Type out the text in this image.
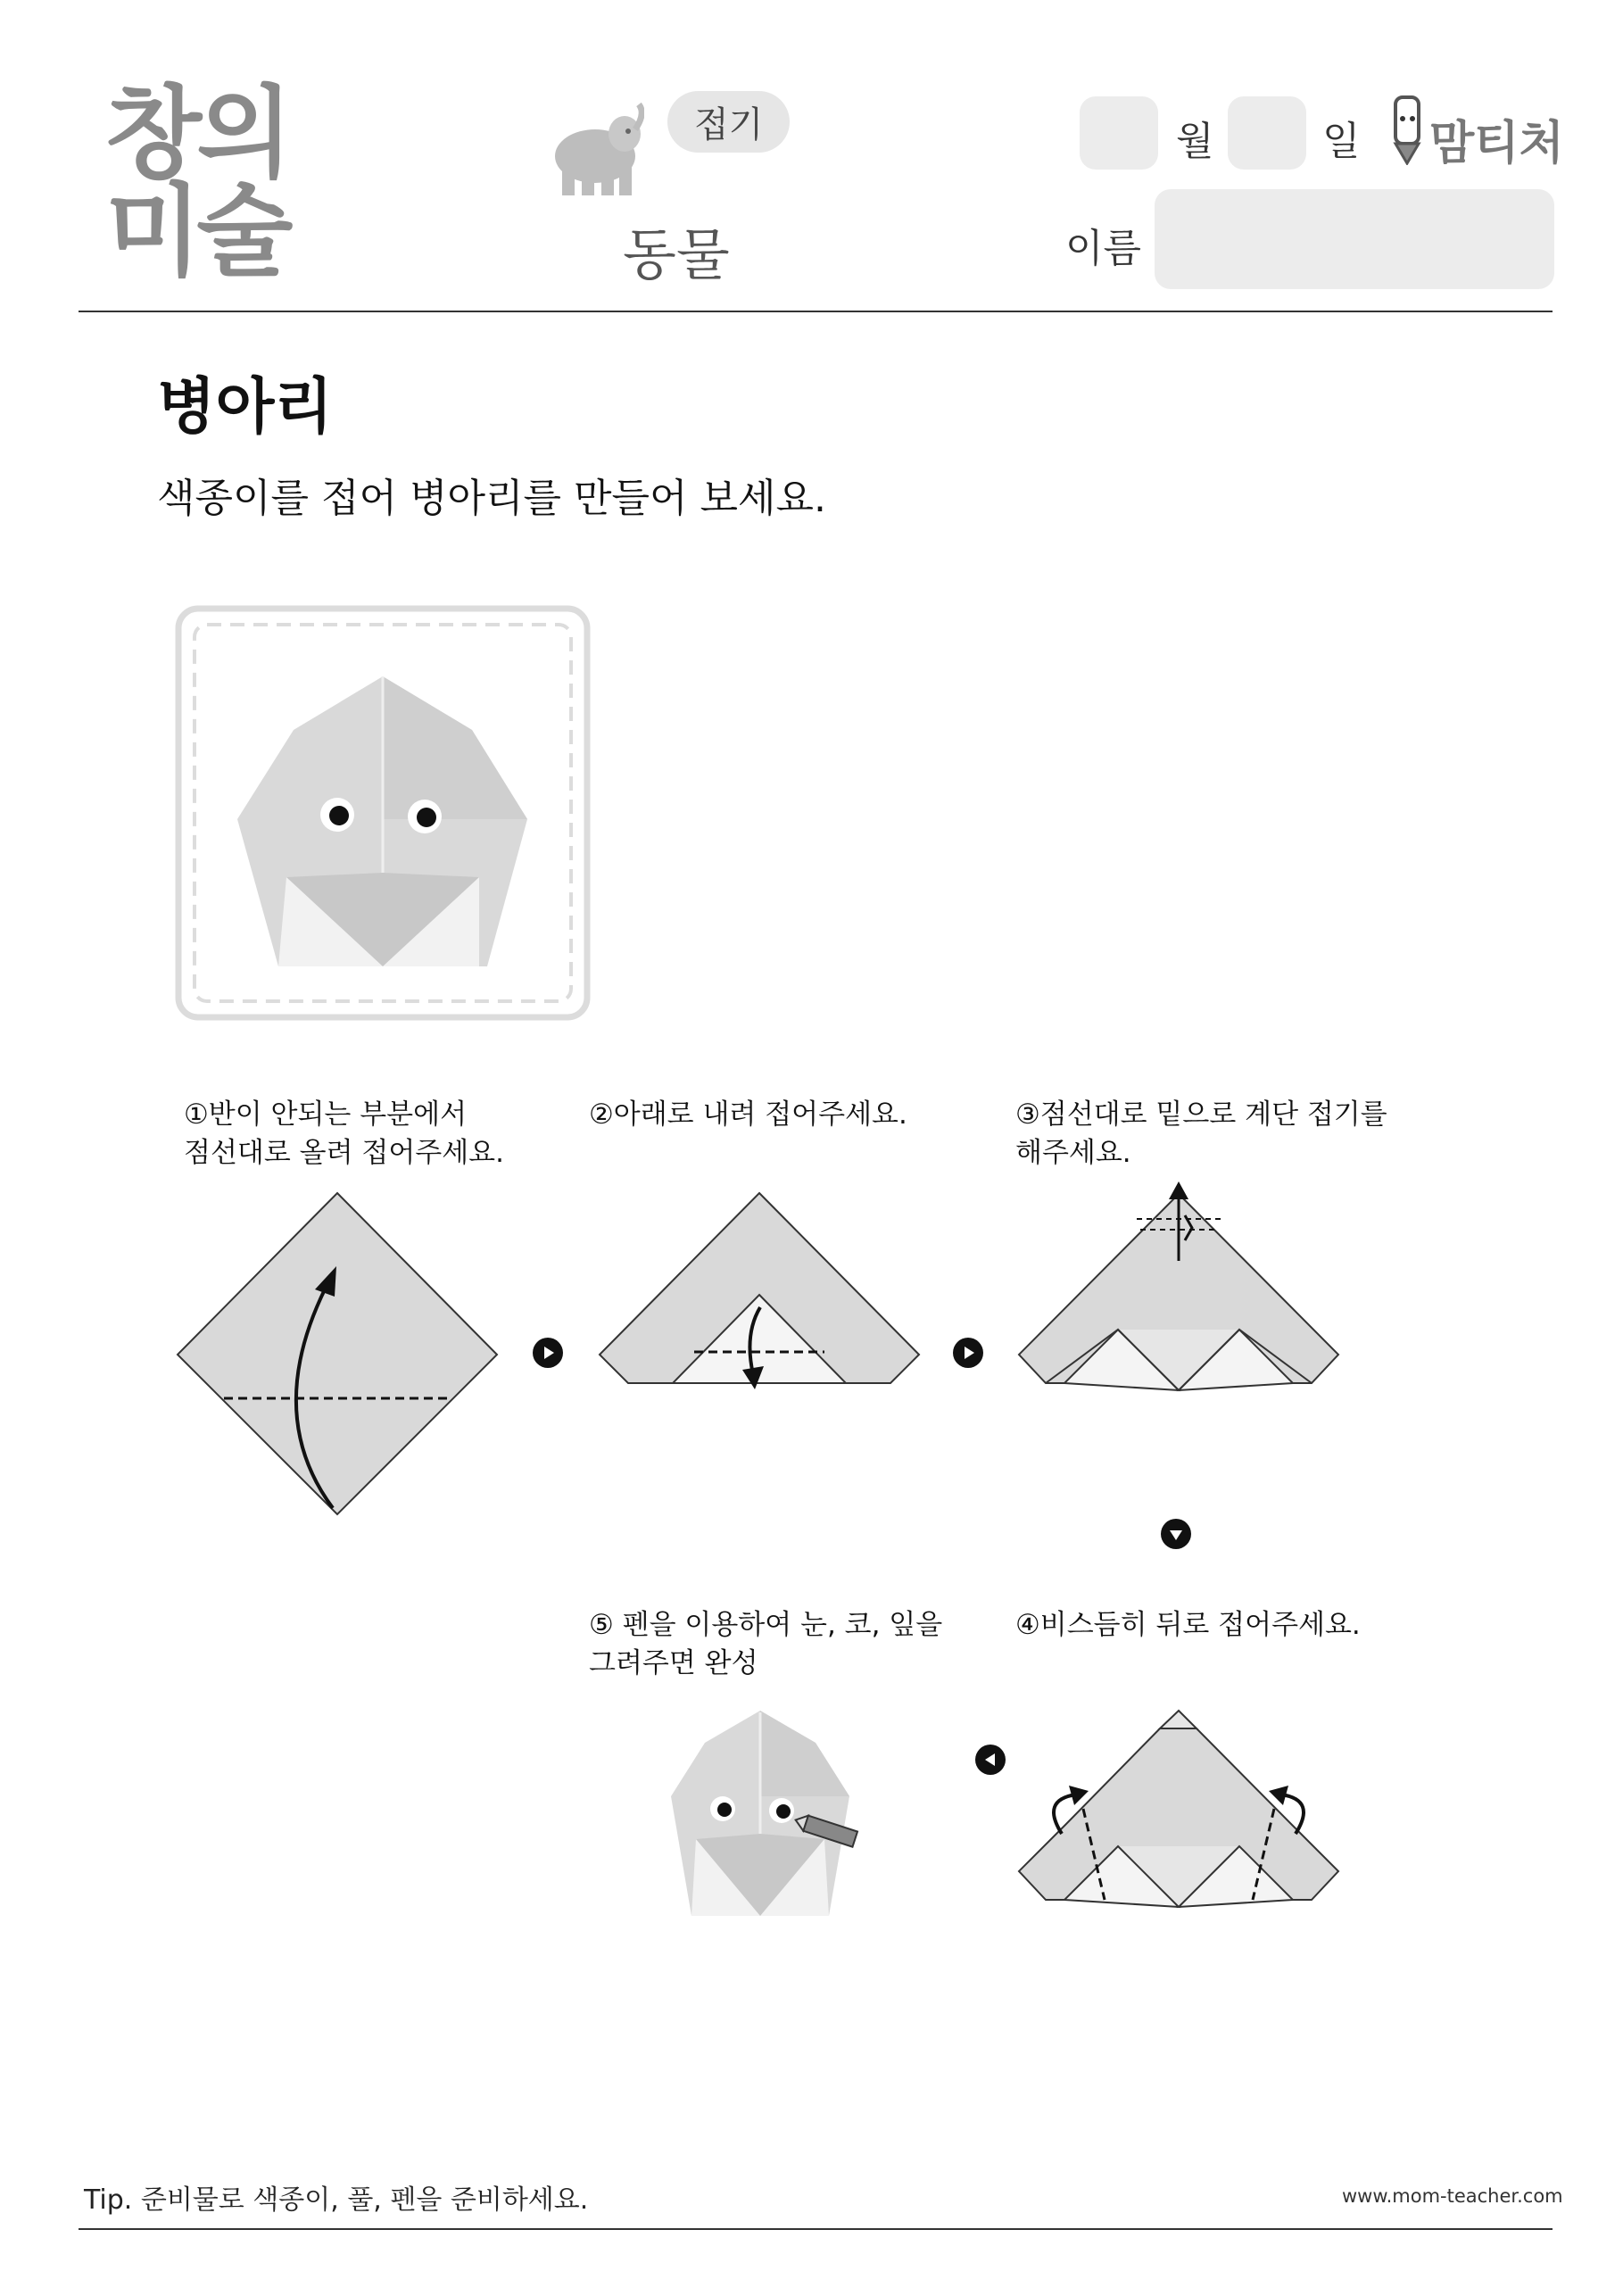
창의
미술
접기
동물
월	일 맘티처
이름
병아리
색종이를 접어 병아리를 만들어 보세요.
①반이 안되는 부분에서
점선대로 올려 접어주세요.
②아래로 내려 접어주세요.	③점선대로 밑으로 계단 접기를
해주세요.
④비스듬히 뒤로 접어주세요.
⑤ 펜을 이용하여 눈, 코, 잎을
그려주면 완성
Tip. 준비물로 색종이, 풀, 펜을 준비하세요.	www.mom-teacher.com
